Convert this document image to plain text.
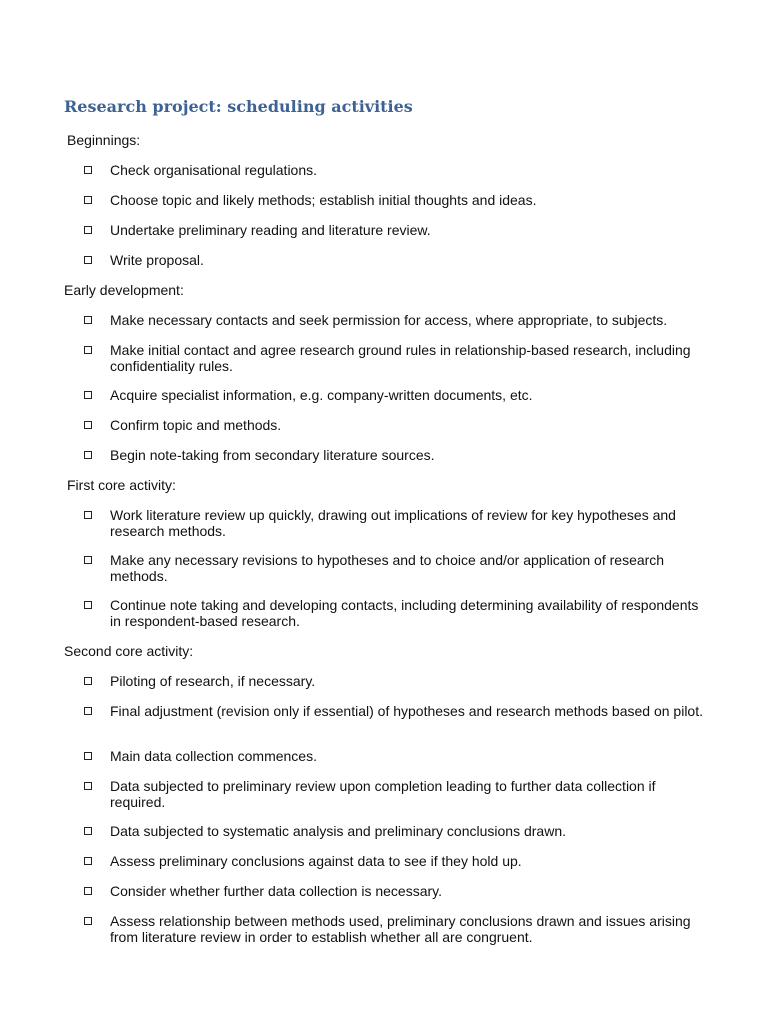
Research project: scheduling activities

Beginnings:

Check organisational regulations.
Choose topic and likely methods; establish initial thoughts and ideas.
Undertake preliminary reading and literature review.
Write proposal.

Early development:

Make necessary contacts and seek permission for access, where appropriate, to subjects.
Make initial contact and agree research ground rules in relationship-based research, including confidentiality rules.
Acquire specialist information, e.g. company-written documents, etc.
Confirm topic and methods.
Begin note-taking from secondary literature sources.

First core activity:

Work literature review up quickly, drawing out implications of review for key hypotheses and research methods.
Make any necessary revisions to hypotheses and to choice and/or application of research methods.
Continue note taking and developing contacts, including determining availability of respondents in respondent-based research.

Second core activity:

Piloting of research, if necessary.
Final adjustment (revision only if essential) of hypotheses and research methods based on pilot.
Main data collection commences.
Data subjected to preliminary review upon completion leading to further data collection if required.
Data subjected to systematic analysis and preliminary conclusions drawn.
Assess preliminary conclusions against data to see if they hold up.
Consider whether further data collection is necessary.
Assess relationship between methods used, preliminary conclusions drawn and issues arising from literature review in order to establish whether all are congruent.
